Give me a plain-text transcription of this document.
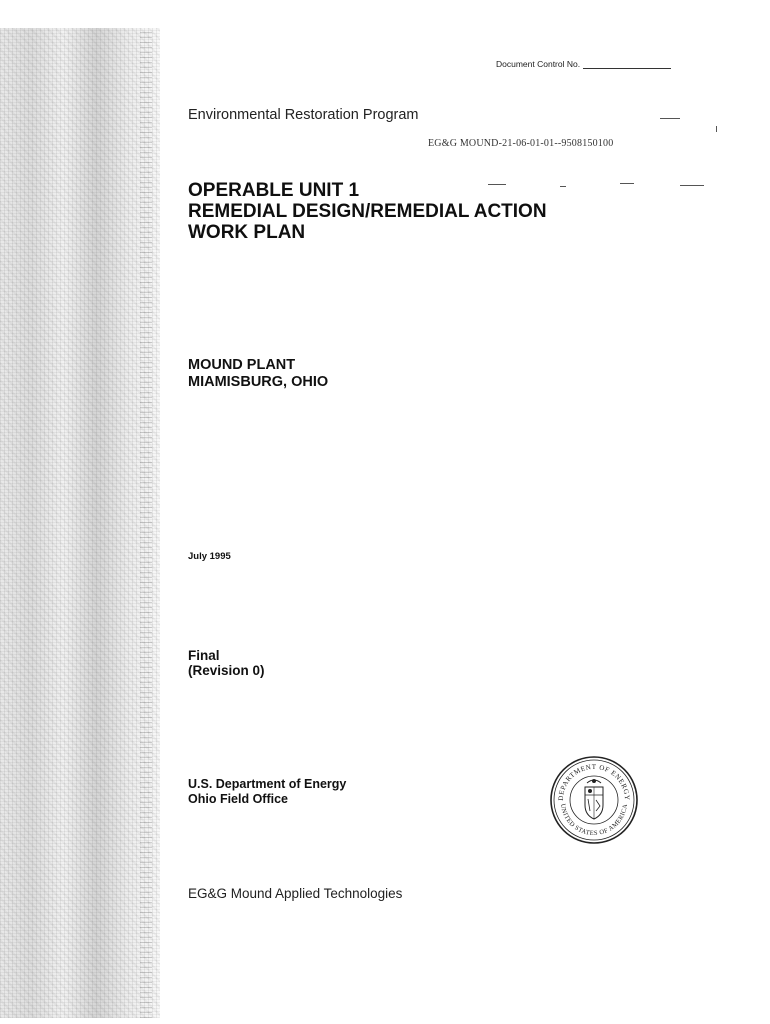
Document Control No.
Environmental Restoration Program
EG&G MOUND-21-06-01-01--9508150100
OPERABLE UNIT 1
REMEDIAL DESIGN/REMEDIAL ACTION
WORK PLAN
MOUND PLANT
MIAMISBURG, OHIO
July 1995
Final
(Revision 0)
U.S. Department of Energy
Ohio Field Office	DEPARTMENT OF ENERGY
UNITED STATES OF AMERICA
EG&G Mound Applied Technologies
